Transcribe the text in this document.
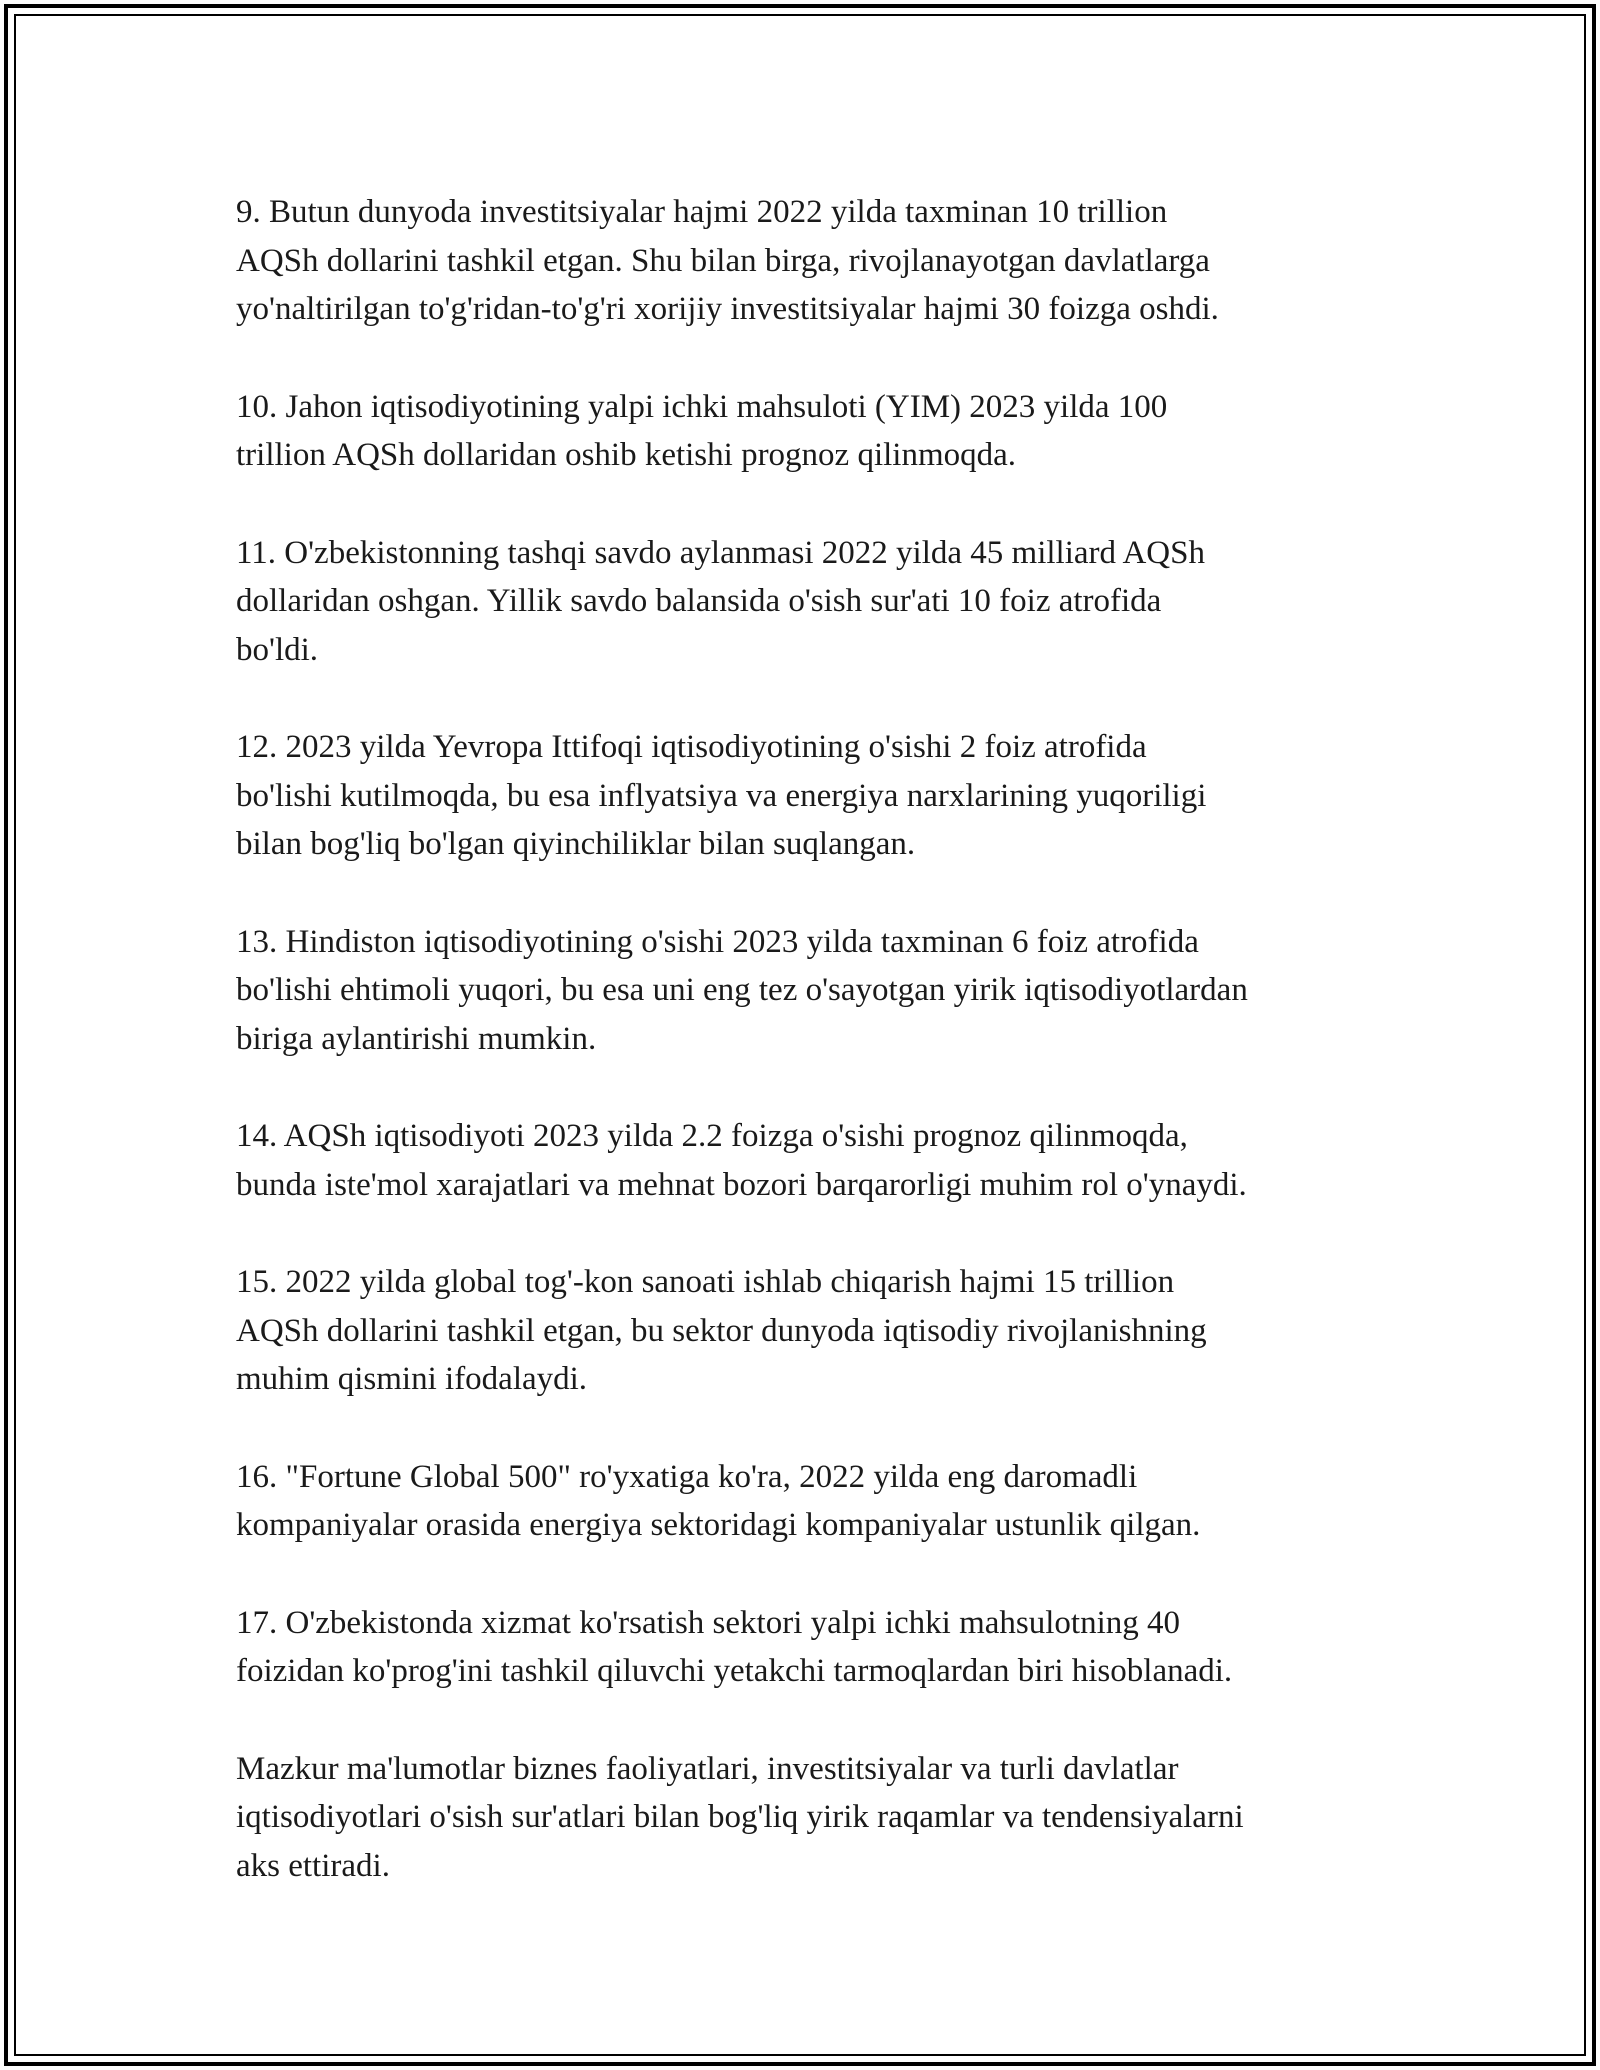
9. Butun dunyoda investitsiyalar hajmi 2022 yilda taxminan 10 trillion
AQSh dollarini tashkil etgan. Shu bilan birga, rivojlanayotgan davlatlarga
yo'naltirilgan to'g'ridan-to'g'ri xorijiy investitsiyalar hajmi 30 foizga oshdi.

10. Jahon iqtisodiyotining yalpi ichki mahsuloti (YIM) 2023 yilda 100
trillion AQSh dollaridan oshib ketishi prognoz qilinmoqda.

11. O'zbekistonning tashqi savdo aylanmasi 2022 yilda 45 milliard AQSh
dollaridan oshgan. Yillik savdo balansida o'sish sur'ati 10 foiz atrofida
bo'ldi.

12. 2023 yilda Yevropa Ittifoqi iqtisodiyotining o'sishi 2 foiz atrofida
bo'lishi kutilmoqda, bu esa inflyatsiya va energiya narxlarining yuqoriligi
bilan bog'liq bo'lgan qiyinchiliklar bilan suqlangan.

13. Hindiston iqtisodiyotining o'sishi 2023 yilda taxminan 6 foiz atrofida
bo'lishi ehtimoli yuqori, bu esa uni eng tez o'sayotgan yirik iqtisodiyotlardan
biriga aylantirishi mumkin.

14. AQSh iqtisodiyoti 2023 yilda 2.2 foizga o'sishi prognoz qilinmoqda,
bunda iste'mol xarajatlari va mehnat bozori barqarorligi muhim rol o'ynaydi.

15. 2022 yilda global tog'-kon sanoati ishlab chiqarish hajmi 15 trillion
AQSh dollarini tashkil etgan, bu sektor dunyoda iqtisodiy rivojlanishning
muhim qismini ifodalaydi.

16. "Fortune Global 500" ro'yxatiga ko'ra, 2022 yilda eng daromadli
kompaniyalar orasida energiya sektoridagi kompaniyalar ustunlik qilgan.

17. O'zbekistonda xizmat ko'rsatish sektori yalpi ichki mahsulotning 40
foizidan ko'prog'ini tashkil qiluvchi yetakchi tarmoqlardan biri hisoblanadi.

Mazkur ma'lumotlar biznes faoliyatlari, investitsiyalar va turli davlatlar
iqtisodiyotlari o'sish sur'atlari bilan bog'liq yirik raqamlar va tendensiyalarni
aks ettiradi.
